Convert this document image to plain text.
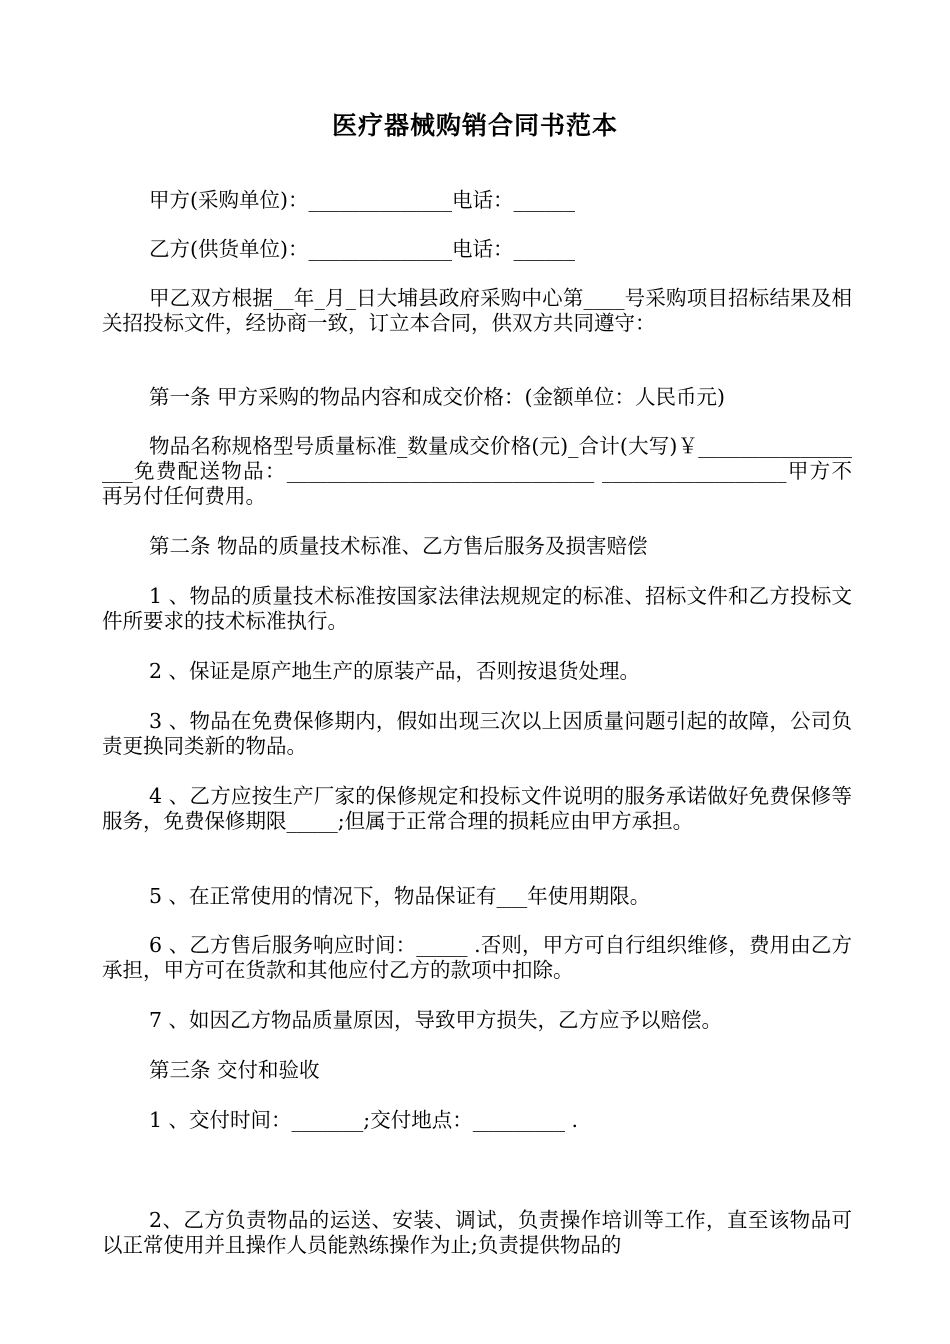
医疗器械购销合同书范本

甲方(采购单位)：______________电话：______

乙方(供货单位)：______________电话：______

甲乙双方根据__年_月_日大埔县政府采购中心第____号采购项目招标结果及相关招投标文件，经协商一致，订立本合同，供双方共同遵守：

第一条 甲方采购的物品内容和成交价格：(金额单位：人民币元)

物品名称规格型号质量标准_数量成交价格(元)_合计(大写)￥__________________免费配送物品：______________________________ __________________甲方不再另付任何费用。

第二条 物品的质量技术标准、乙方售后服务及损害赔偿

1 、物品的质量技术标准按国家法律法规规定的标准、招标文件和乙方投标文件所要求的技术标准执行。

2 、保证是原产地生产的原装产品，否则按退货处理。

3 、物品在免费保修期内，假如出现三次以上因质量问题引起的故障，公司负责更换同类新的物品。

4 、乙方应按生产厂家的保修规定和投标文件说明的服务承诺做好免费保修等服务，免费保修期限_____;但属于正常合理的损耗应由甲方承担。

5 、在正常使用的情况下，物品保证有___年使用期限。

6 、乙方售后服务响应时间：_____ .否则，甲方可自行组织维修，费用由乙方承担，甲方可在货款和其他应付乙方的款项中扣除。

7 、如因乙方物品质量原因，导致甲方损失，乙方应予以赔偿。

第三条 交付和验收

1 、交付时间：_______;交付地点：_________ .

2、乙方负责物品的运送、安装、调试，负责操作培训等工作，直至该物品可以正常使用并且操作人员能熟练操作为止;负责提供物品的
